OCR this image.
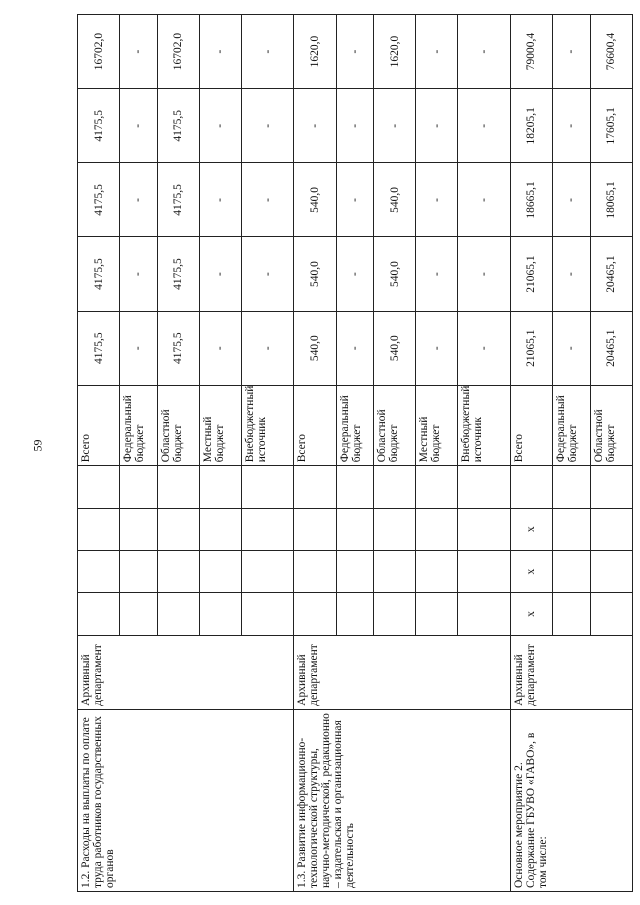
59
1.2. Расходы на выплаты по оплате труда работников государственных органов	Архивный департамент					Всего	4175,5	4175,5	4175,5	4175,5	16702,0
						Федеральный бюджет	-	-	-	-	-
						Областной бюджет	4175,5	4175,5	4175,5	4175,5	16702,0
						Местный бюджет	-	-	-	-	-
						Внебюджетный источник	-	-	-	-	-
1.3. Развитие информационно-технологической структуры, научно-методической, редакционно – издательская и организационная деятельность	Архивный департамент					Всего	540,0	540,0	540,0	-	1620,0
						Федеральный бюджет	-	-	-	-	-
						Областной бюджет	540,0	540,0	540,0	-	1620,0
						Местный бюджет	-	-	-	-	-
						Внебюджетный источник	-	-	-	-	-
Основное мероприятие 2. Содержание ГБУВО «ГАВО», в том числе:	Архивный департамент	х	х	х		Всего	21065,1	21065,1	18665,1	18205,1	79000,4
						Федеральный бюджет	-	-	-	-	-
						Областной бюджет	20465,1	20465,1	18065,1	17605,1	76600,4
